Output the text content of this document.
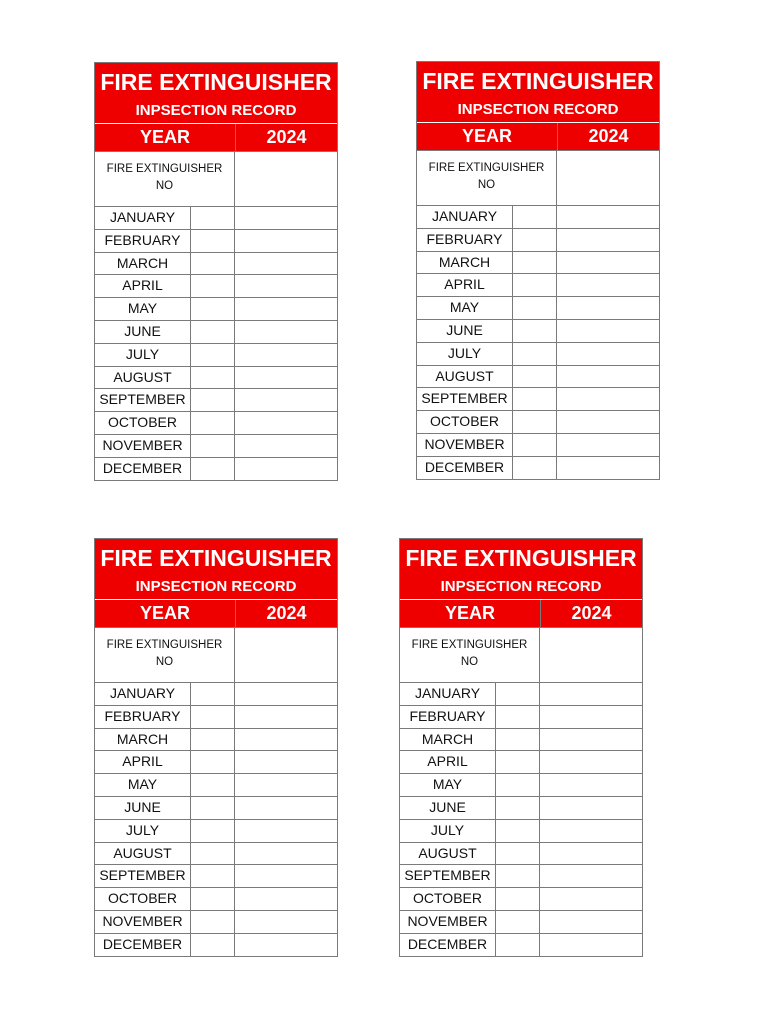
FIRE EXTINGUISHER
INPSECTION RECORD
YEAR	2024
FIRE EXTINGUISHER
NO
JANUARY
FEBRUARY
MARCH
APRIL
MAY
JUNE
JULY
AUGUST
SEPTEMBER
OCTOBER
NOVEMBER
DECEMBER
FIRE EXTINGUISHER
INPSECTION RECORD
YEAR	2024
FIRE EXTINGUISHER
NO
JANUARY
FEBRUARY
MARCH
APRIL
MAY
JUNE
JULY
AUGUST
SEPTEMBER
OCTOBER
NOVEMBER
DECEMBER
FIRE EXTINGUISHER
INPSECTION RECORD
YEAR	2024
FIRE EXTINGUISHER
NO
JANUARY
FEBRUARY
MARCH
APRIL
MAY
JUNE
JULY
AUGUST
SEPTEMBER
OCTOBER
NOVEMBER
DECEMBER
FIRE EXTINGUISHER
INPSECTION RECORD
YEAR	2024
FIRE EXTINGUISHER
NO
JANUARY
FEBRUARY
MARCH
APRIL
MAY
JUNE
JULY
AUGUST
SEPTEMBER
OCTOBER
NOVEMBER
DECEMBER
